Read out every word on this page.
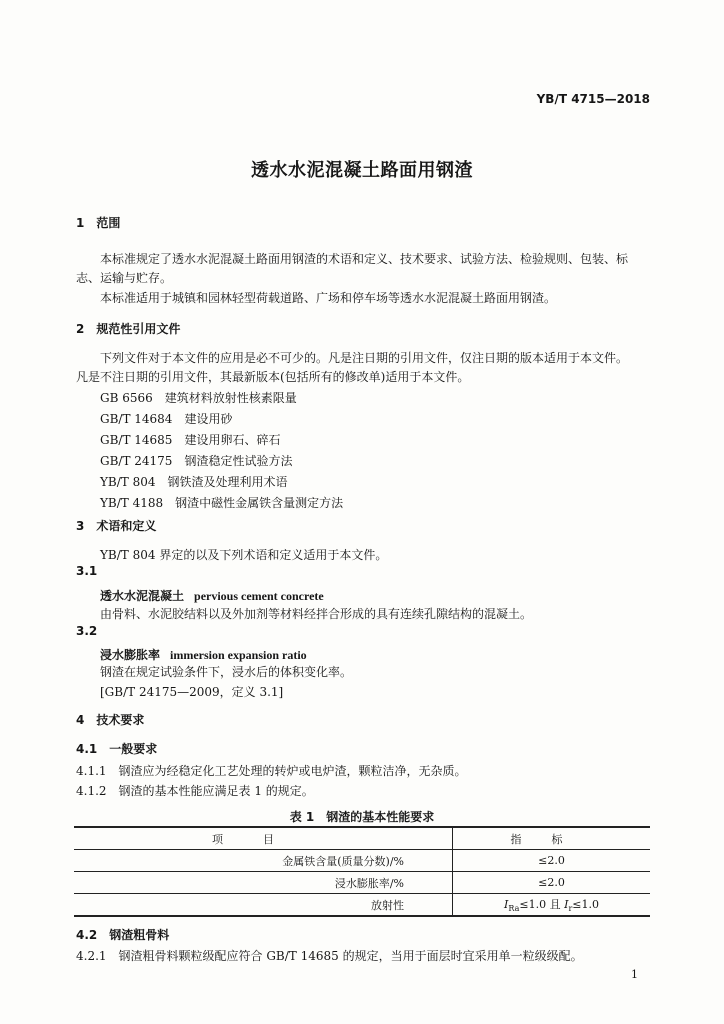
YB/T 4715—2018
透水水泥混凝土路面用钢渣
1　范围
本标准规定了透水水泥混凝土路面用钢渣的术语和定义、技术要求、试验方法、检验规则、包装、标
志、运输与贮存。
本标准适用于城镇和园林轻型荷载道路、广场和停车场等透水水泥混凝土路面用钢渣。
2　规范性引用文件
下列文件对于本文件的应用是必不可少的。凡是注日期的引用文件，仅注日期的版本适用于本文件。
凡是不注日期的引用文件，其最新版本(包括所有的修改单)适用于本文件。
GB 6566　建筑材料放射性核素限量
GB/T 14684　建设用砂
GB/T 14685　建设用卵石、碎石
GB/T 24175　钢渣稳定性试验方法
YB/T 804　钢铁渣及处理利用术语
YB/T 4188　钢渣中磁性金属铁含量测定方法
3　术语和定义
YB/T 804 界定的以及下列术语和定义适用于本文件。
3.1
透水水泥混凝土 pervious cement concrete
由骨料、水泥胶结料以及外加剂等材料经拌合形成的具有连续孔隙结构的混凝土。
3.2
浸水膨胀率 immersion expansion ratio
钢渣在规定试验条件下，浸水后的体积变化率。
[GB/T 24175—2009，定义 3.1]
4　技术要求
4.1　一般要求
4.1.1　钢渣应为经稳定化工艺处理的转炉或电炉渣，颗粒洁净，无杂质。
4.1.2　钢渣的基本性能应满足表 1 的规定。
表 1　钢渣的基本性能要求
项目	指标
金属铁含量(质量分数)/%	≤2.0
浸水膨胀率/%	≤2.0
放射性	$I_{Ra}\le 1.0$ 且 $I_r\le 1.0$
4.2　钢渣粗骨料
4.2.1　钢渣粗骨料颗粒级配应符合 GB/T 14685 的规定，当用于面层时宜采用单一粒级级配。
1
